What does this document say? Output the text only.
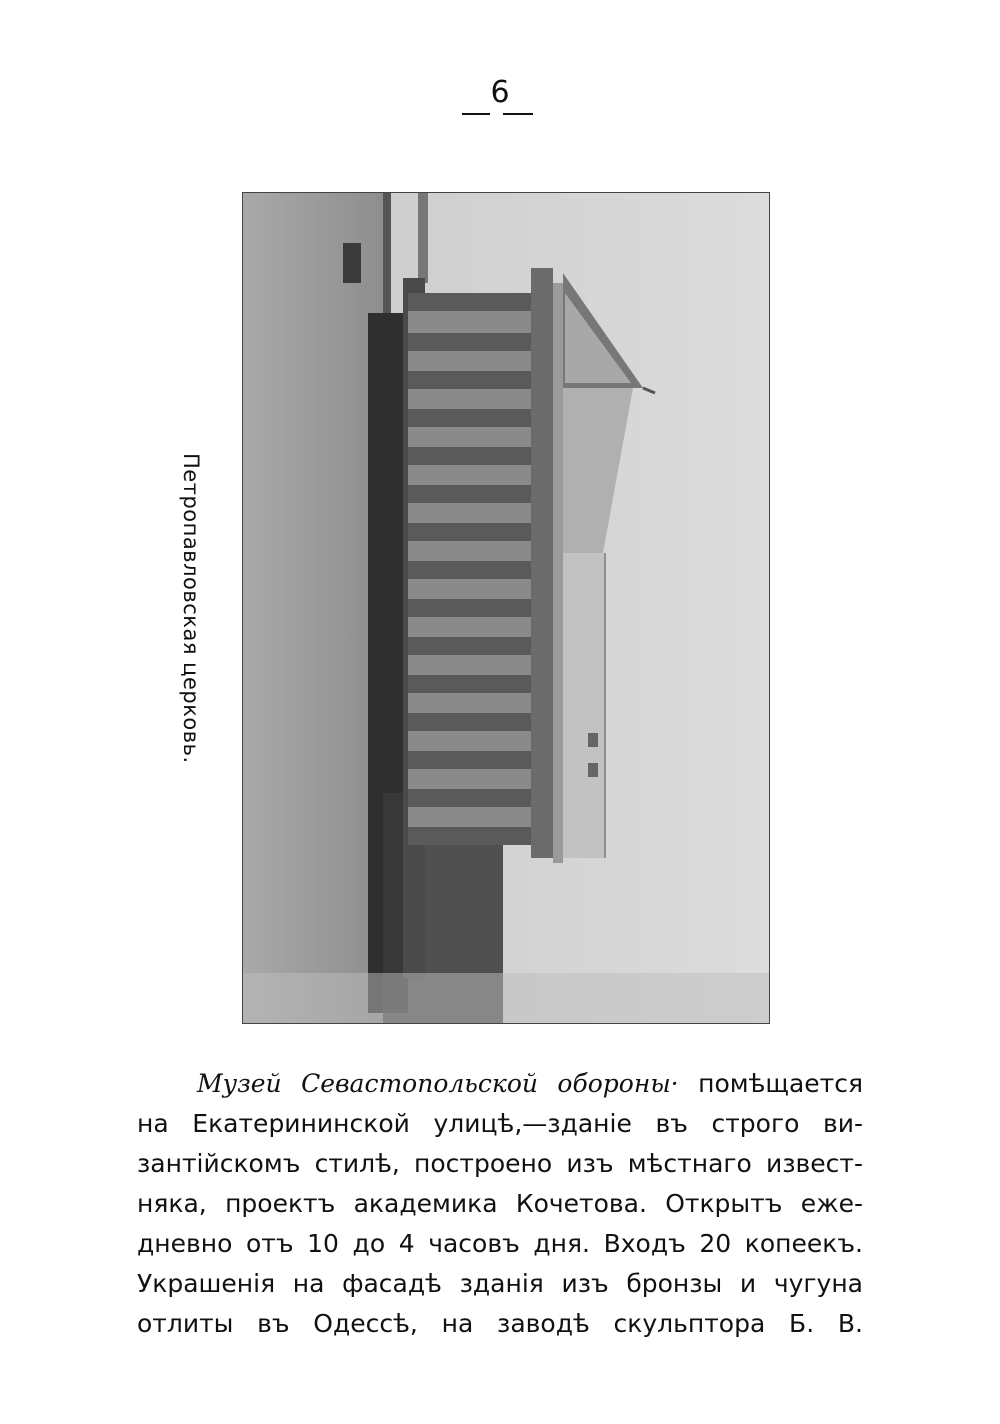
6
Петропавловская церковь.
Музей Севастопольской обороны· помѣщается
на Екатерининской улицѣ,—зданіе въ строго ви-
зантійскомъ стилѣ, построено изъ мѣстнаго извест-
няка, проектъ академика Кочетова. Открытъ еже-
дневно отъ 10 до 4 часовъ дня. Входъ 20 копеекъ.
Украшенія на фасадѣ зданія изъ бронзы и чугуна
отлиты въ Одессѣ, на заводѣ скульптора Б. В.
